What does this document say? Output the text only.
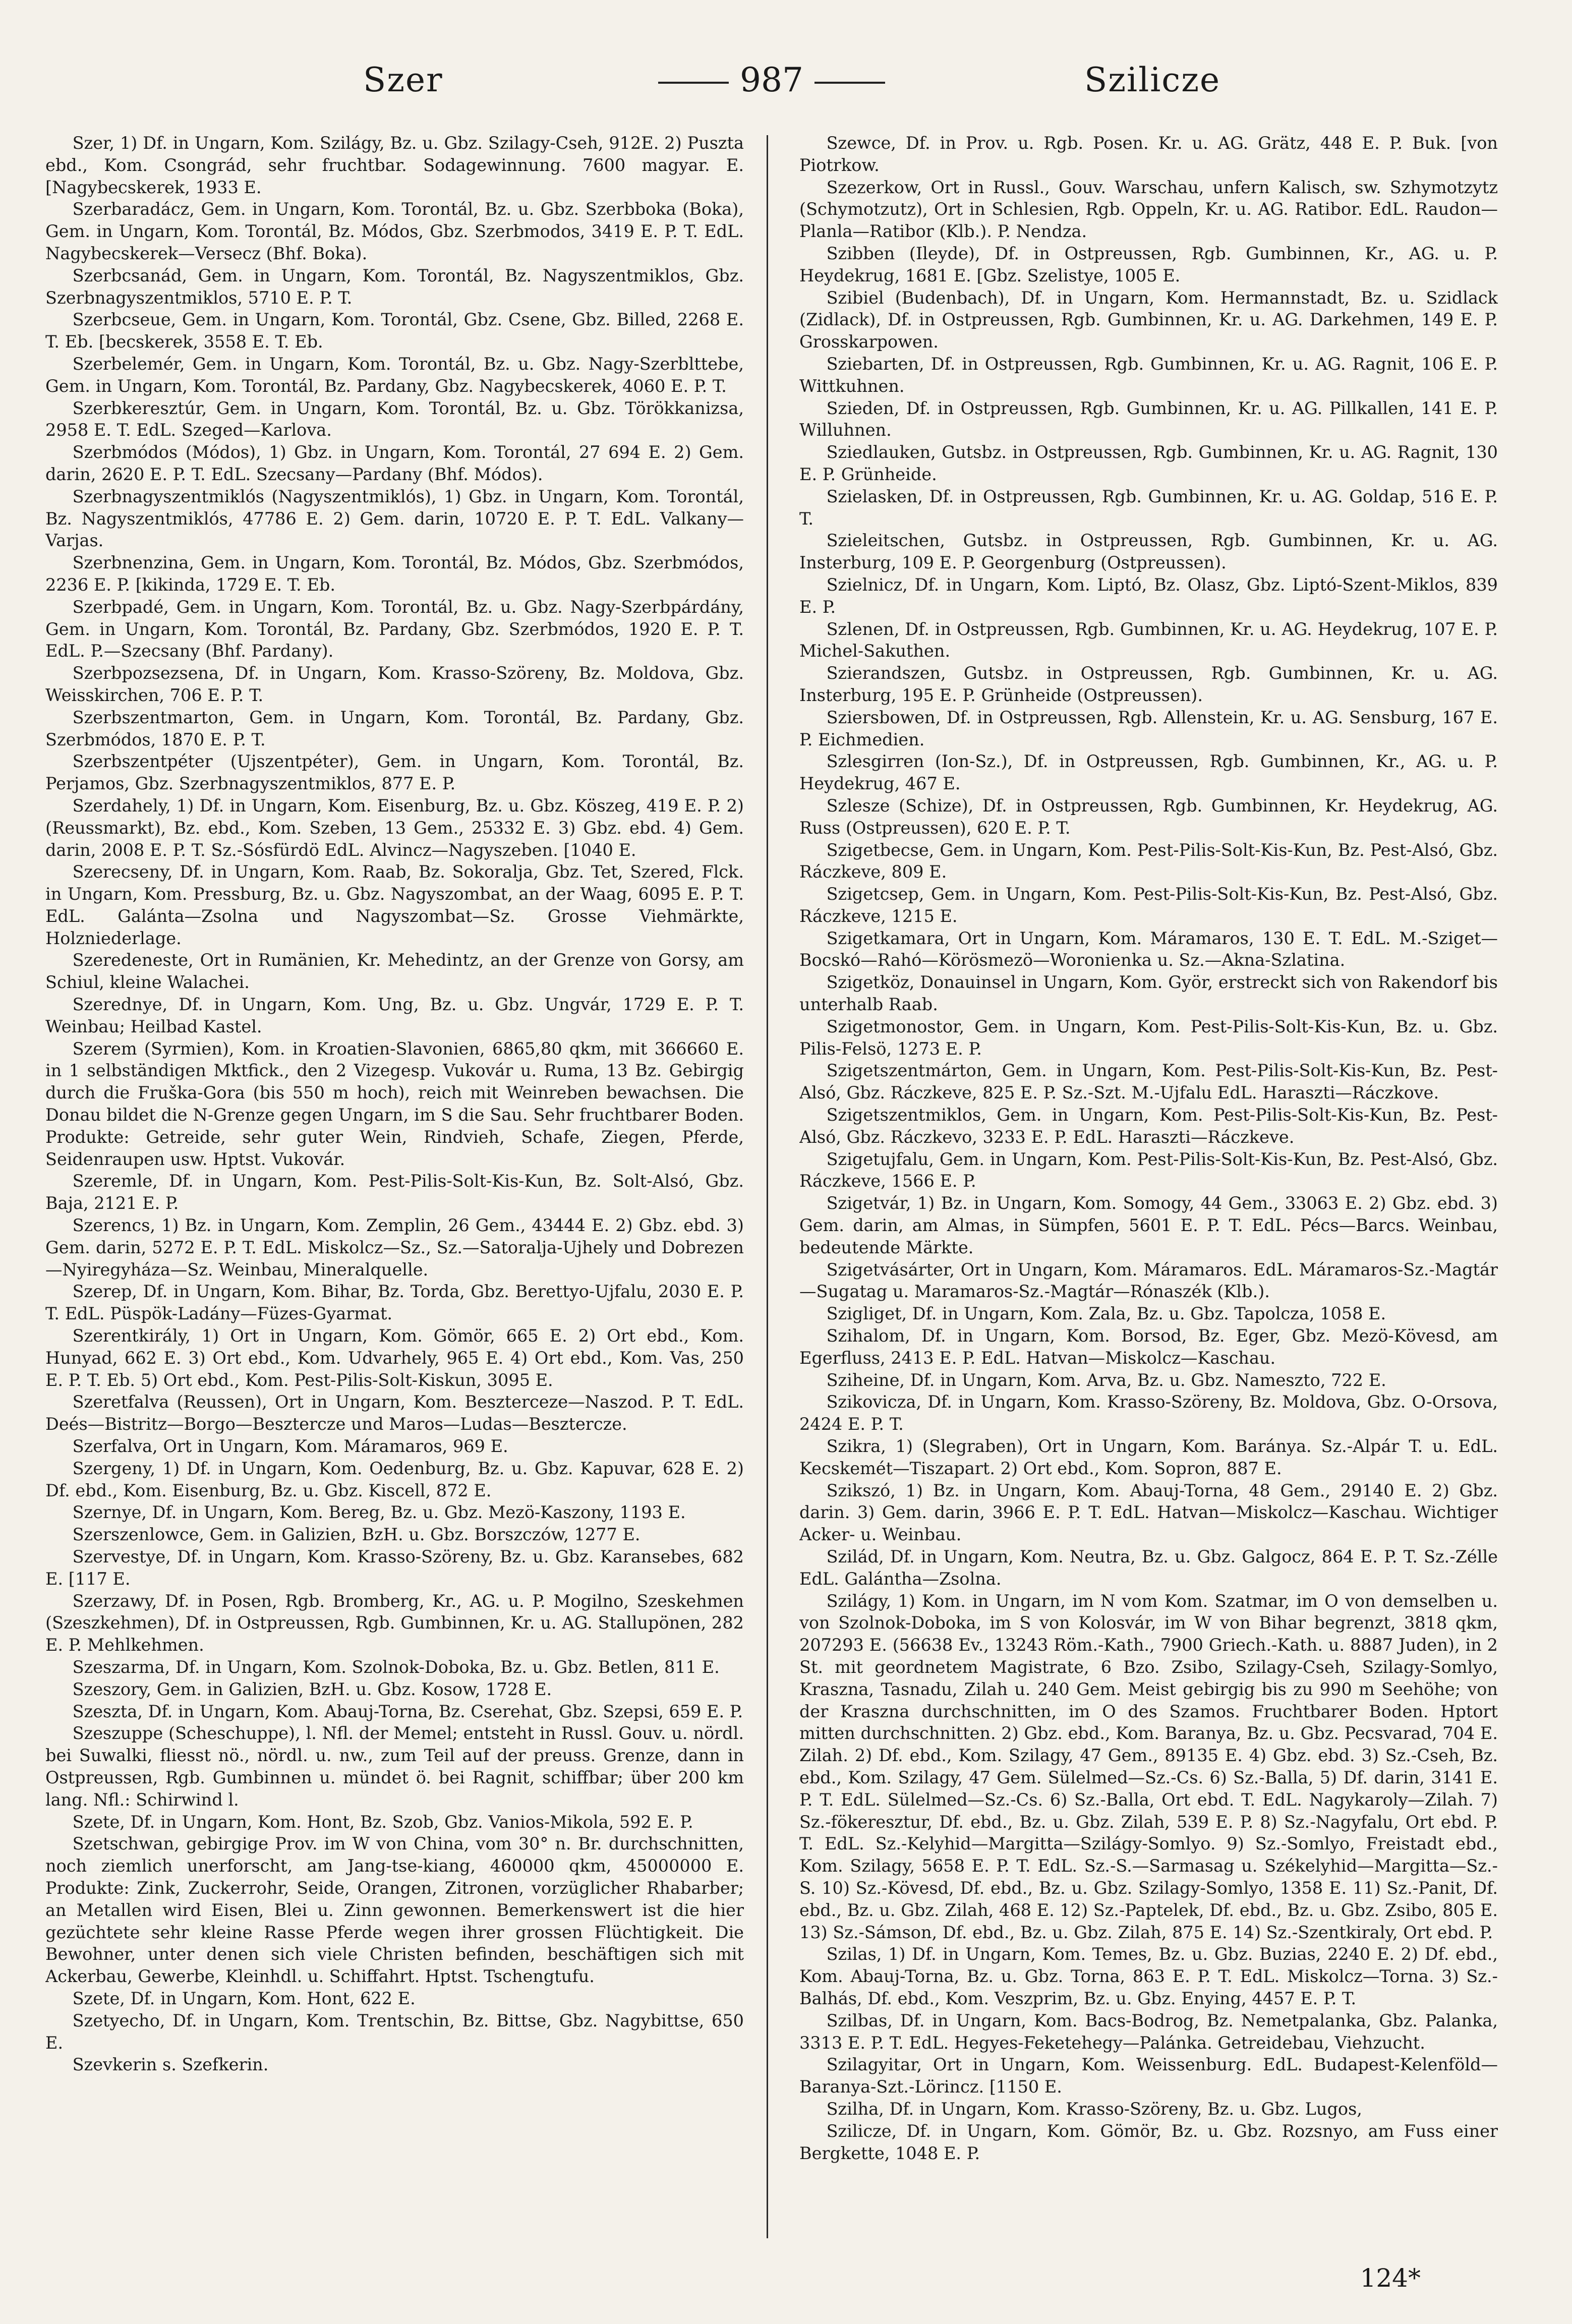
Szer	987	Szilicze

Szer, 1) Df. in Ungarn, Kom. Szilágy, Bz. u. Gbz. Szilagy-Cseh, 912E. 2) Puszta ebd., Kom. Csongrád, sehr fruchtbar. Sodagewinnung. 7600 magyar. E. [Nagybecskerek, 1933 E.

Szerbaradácz, Gem. in Ungarn, Kom. Torontál, Bz. u. Gbz. Szerbboka (Boka), Gem. in Ungarn, Kom. Torontál, Bz. Módos, Gbz. Szerbmodos, 3419 E. P. T. EdL. Nagybecskerek—Versecz (Bhf. Boka).

Szerbcsanád, Gem. in Ungarn, Kom. Torontál, Bz. Nagyszentmiklos, Gbz. Szerbnagyszentmiklos, 5710 E. P. T.

Szerbcseue, Gem. in Ungarn, Kom. Torontál, Gbz. Csene, Gbz. Billed, 2268 E. T. Eb. [becskerek, 3558 E. T. Eb.

Szerbelemér, Gem. in Ungarn, Kom. Torontál, Bz. u. Gbz. Nagy-Szerblttebe, Gem. in Ungarn, Kom. Torontál, Bz. Pardany, Gbz. Nagybecskerek, 4060 E. P. T.

Szerbkeresztúr, Gem. in Ungarn, Kom. Torontál, Bz. u. Gbz. Törökkanizsa, 2958 E. T. EdL. Szeged—Karlova.

Szerbmódos (Módos), 1) Gbz. in Ungarn, Kom. Torontál, 27 694 E. 2) Gem. darin, 2620 E. P. T. EdL. Szecsany—Pardany (Bhf. Módos).

Szerbnagyszentmiklós (Nagyszentmiklós), 1) Gbz. in Ungarn, Kom. Torontál, Bz. Nagyszentmiklós, 47786 E. 2) Gem. darin, 10720 E. P. T. EdL. Valkany—Varjas.

Szerbnenzina, Gem. in Ungarn, Kom. Torontál, Bz. Módos, Gbz. Szerbmódos, 2236 E. P. [kikinda, 1729 E. T. Eb.

Szerbpadé, Gem. in Ungarn, Kom. Torontál, Bz. u. Gbz. Nagy-Szerbpárdány, Gem. in Ungarn, Kom. Torontál, Bz. Pardany, Gbz. Szerbmódos, 1920 E. P. T. EdL. P.—Szecsany (Bhf. Pardany).

Szerbpozsezsena, Df. in Ungarn, Kom. Krasso-Szöreny, Bz. Moldova, Gbz. Weisskirchen, 706 E. P. T.

Szerbszentmarton, Gem. in Ungarn, Kom. Torontál, Bz. Pardany, Gbz. Szerbmódos, 1870 E. P. T.

Szerbszentpéter (Ujszentpéter), Gem. in Ungarn, Kom. Torontál, Bz. Perjamos, Gbz. Szerbnagyszentmiklos, 877 E. P.

Szerdahely, 1) Df. in Ungarn, Kom. Eisenburg, Bz. u. Gbz. Köszeg, 419 E. P. 2) (Reussmarkt), Bz. ebd., Kom. Szeben, 13 Gem., 25332 E. 3) Gbz. ebd. 4) Gem. darin, 2008 E. P. T. Sz.-Sósfürdö EdL. Alvincz—Nagyszeben. [1040 E.

Szerecseny, Df. in Ungarn, Kom. Raab, Bz. Sokoralja, Gbz. Tet, Szered, Flck. in Ungarn, Kom. Pressburg, Bz. u. Gbz. Nagyszombat, an der Waag, 6095 E. P. T. EdL. Galánta—Zsolna und Nagyszombat—Sz. Grosse Viehmärkte, Holzniederlage.

Szeredeneste, Ort in Rumänien, Kr. Mehedintz, an der Grenze von Gorsy, am Schiul, kleine Walachei.

Szerednye, Df. in Ungarn, Kom. Ung, Bz. u. Gbz. Ungvár, 1729 E. P. T. Weinbau; Heilbad Kastel.

Szerem (Syrmien), Kom. in Kroatien-Slavonien, 6865,80 qkm, mit 366660 E. in 1 selbständigen Mktfick., den 2 Vizegesp. Vukovár u. Ruma, 13 Bz. Gebirgig durch die Fruška-Gora (bis 550 m hoch), reich mit Weinreben bewachsen. Die Donau bildet die N-Grenze gegen Ungarn, im S die Sau. Sehr fruchtbarer Boden. Produkte: Getreide, sehr guter Wein, Rindvieh, Schafe, Ziegen, Pferde, Seidenraupen usw. Hptst. Vukovár.

Szeremle, Df. in Ungarn, Kom. Pest-Pilis-Solt-Kis-Kun, Bz. Solt-Alsó, Gbz. Baja, 2121 E. P.

Szerencs, 1) Bz. in Ungarn, Kom. Zemplin, 26 Gem., 43444 E. 2) Gbz. ebd. 3) Gem. darin, 5272 E. P. T. EdL. Miskolcz—Sz., Sz.—Satoralja-Ujhely und Dobrezen—Nyiregyháza—Sz. Weinbau, Mineralquelle.

Szerep, Df. in Ungarn, Kom. Bihar, Bz. Torda, Gbz. Berettyo-Ujfalu, 2030 E. P. T. EdL. Püspök-Ladány—Füzes-Gyarmat.

Szerentkirály, 1) Ort in Ungarn, Kom. Gömör, 665 E. 2) Ort ebd., Kom. Hunyad, 662 E. 3) Ort ebd., Kom. Udvarhely, 965 E. 4) Ort ebd., Kom. Vas, 250 E. P. T. Eb. 5) Ort ebd., Kom. Pest-Pilis-Solt-Kiskun, 3095 E.

Szeretfalva (Reussen), Ort in Ungarn, Kom. Beszterceze—Naszod. P. T. EdL. Deés—Bistritz—Borgo—Besztercze und Maros—Ludas—Besztercze.

Szerfalva, Ort in Ungarn, Kom. Máramaros, 969 E.

Szergeny, 1) Df. in Ungarn, Kom. Oedenburg, Bz. u. Gbz. Kapuvar, 628 E. 2) Df. ebd., Kom. Eisenburg, Bz. u. Gbz. Kiscell, 872 E.

Szernye, Df. in Ungarn, Kom. Bereg, Bz. u. Gbz. Mezö-Kaszony, 1193 E.

Szerszenlowce, Gem. in Galizien, BzH. u. Gbz. Borszczów, 1277 E.

Szervestye, Df. in Ungarn, Kom. Krasso-Szöreny, Bz. u. Gbz. Karansebes, 682 E. [117 E.

Szerzawy, Df. in Posen, Rgb. Bromberg, Kr., AG. u. P. Mogilno, Szeskehmen (Szeszkehmen), Df. in Ostpreussen, Rgb. Gumbinnen, Kr. u. AG. Stallupönen, 282 E. P. Mehlkehmen.

Szeszarma, Df. in Ungarn, Kom. Szolnok-Doboka, Bz. u. Gbz. Betlen, 811 E.

Szeszory, Gem. in Galizien, BzH. u. Gbz. Kosow, 1728 E.

Szeszta, Df. in Ungarn, Kom. Abauj-Torna, Bz. Cserehat, Gbz. Szepsi, 659 E. P.

Szeszuppe (Scheschuppe), l. Nfl. der Memel; entsteht in Russl. Gouv. u. nördl. bei Suwalki, fliesst nö., nördl. u. nw., zum Teil auf der preuss. Grenze, dann in Ostpreussen, Rgb. Gumbinnen u. mündet ö. bei Ragnit, schiffbar; über 200 km lang. Nfl.: Schirwind l.

Szete, Df. in Ungarn, Kom. Hont, Bz. Szob, Gbz. Vanios-Mikola, 592 E. P.

Szetschwan, gebirgige Prov. im W von China, vom 30° n. Br. durchschnitten, noch ziemlich unerforscht, am Jang-tse-kiang, 460000 qkm, 45000000 E. Produkte: Zink, Zuckerrohr, Seide, Orangen, Zitronen, vorzüglicher Rhabarber; an Metallen wird Eisen, Blei u. Zinn gewonnen. Bemerkenswert ist die hier gezüchtete sehr kleine Rasse Pferde wegen ihrer grossen Flüchtigkeit. Die Bewohner, unter denen sich viele Christen befinden, beschäftigen sich mit Ackerbau, Gewerbe, Kleinhdl. u. Schiffahrt. Hptst. Tschengtufu.

Szete, Df. in Ungarn, Kom. Hont, 622 E.

Szetyecho, Df. in Ungarn, Kom. Trentschin, Bz. Bittse, Gbz. Nagybittse, 650 E.

Szevkerin s. Szefkerin.

Szewce, Df. in Prov. u. Rgb. Posen. Kr. u. AG. Grätz, 448 E. P. Buk. [von Piotrkow.

Szezerkow, Ort in Russl., Gouv. Warschau, unfern Kalisch, sw. Szhymotzytz (Schymotzutz), Ort in Schlesien, Rgb. Oppeln, Kr. u. AG. Ratibor. EdL. Raudon—Planla—Ratibor (Klb.). P. Nendza.

Szibben (Ileyde), Df. in Ostpreussen, Rgb. Gumbinnen, Kr., AG. u. P. Heydekrug, 1681 E. [Gbz. Szelistye, 1005 E.

Szibiel (Budenbach), Df. in Ungarn, Kom. Hermannstadt, Bz. u. Szidlack (Zidlack), Df. in Ostpreussen, Rgb. Gumbinnen, Kr. u. AG. Darkehmen, 149 E. P. Grosskarpowen.

Sziebarten, Df. in Ostpreussen, Rgb. Gumbinnen, Kr. u. AG. Ragnit, 106 E. P. Wittkuhnen.

Szieden, Df. in Ostpreussen, Rgb. Gumbinnen, Kr. u. AG. Pillkallen, 141 E. P. Willuhnen.

Sziedlauken, Gutsbz. in Ostpreussen, Rgb. Gumbinnen, Kr. u. AG. Ragnit, 130 E. P. Grünheide.

Szielasken, Df. in Ostpreussen, Rgb. Gumbinnen, Kr. u. AG. Goldap, 516 E. P. T.

Szieleitschen, Gutsbz. in Ostpreussen, Rgb. Gumbinnen, Kr. u. AG. Insterburg, 109 E. P. Georgenburg (Ostpreussen).

Szielnicz, Df. in Ungarn, Kom. Liptó, Bz. Olasz, Gbz. Liptó-Szent-Miklos, 839 E. P.

Szlenen, Df. in Ostpreussen, Rgb. Gumbinnen, Kr. u. AG. Heydekrug, 107 E. P. Michel-Sakuthen.

Szierandszen, Gutsbz. in Ostpreussen, Rgb. Gumbinnen, Kr. u. AG. Insterburg, 195 E. P. Grünheide (Ostpreussen).

Sziersbowen, Df. in Ostpreussen, Rgb. Allenstein, Kr. u. AG. Sensburg, 167 E. P. Eichmedien.

Szlesgirren (Ion-Sz.), Df. in Ostpreussen, Rgb. Gumbinnen, Kr., AG. u. P. Heydekrug, 467 E.

Szlesze (Schize), Df. in Ostpreussen, Rgb. Gumbinnen, Kr. Heydekrug, AG. Russ (Ostpreussen), 620 E. P. T.

Szigetbecse, Gem. in Ungarn, Kom. Pest-Pilis-Solt-Kis-Kun, Bz. Pest-Alsó, Gbz. Ráczkeve, 809 E.

Szigetcsep, Gem. in Ungarn, Kom. Pest-Pilis-Solt-Kis-Kun, Bz. Pest-Alsó, Gbz. Ráczkeve, 1215 E.

Szigetkamara, Ort in Ungarn, Kom. Máramaros, 130 E. T. EdL. M.-Sziget—Bocskó—Rahó—Körösmezö—Woronienka u. Sz.—Akna-Szlatina.

Szigetköz, Donauinsel in Ungarn, Kom. Györ, erstreckt sich von Rakendorf bis unterhalb Raab.

Szigetmonostor, Gem. in Ungarn, Kom. Pest-Pilis-Solt-Kis-Kun, Bz. u. Gbz. Pilis-Felsö, 1273 E. P.

Szigetszentmárton, Gem. in Ungarn, Kom. Pest-Pilis-Solt-Kis-Kun, Bz. Pest-Alsó, Gbz. Ráczkeve, 825 E. P. Sz.-Szt. M.-Ujfalu EdL. Haraszti—Ráczkove.

Szigetszentmiklos, Gem. in Ungarn, Kom. Pest-Pilis-Solt-Kis-Kun, Bz. Pest-Alsó, Gbz. Ráczkevo, 3233 E. P. EdL. Haraszti—Ráczkeve.

Szigetujfalu, Gem. in Ungarn, Kom. Pest-Pilis-Solt-Kis-Kun, Bz. Pest-Alsó, Gbz. Ráczkeve, 1566 E. P.

Szigetvár, 1) Bz. in Ungarn, Kom. Somogy, 44 Gem., 33063 E. 2) Gbz. ebd. 3) Gem. darin, am Almas, in Sümpfen, 5601 E. P. T. EdL. Pécs—Barcs. Weinbau, bedeutende Märkte.

Szigetvásárter, Ort in Ungarn, Kom. Máramaros. EdL. Máramaros-Sz.-Magtár—Sugatag u. Maramaros-Sz.-Magtár—Rónaszék (Klb.).

Szigliget, Df. in Ungarn, Kom. Zala, Bz. u. Gbz. Tapolcza, 1058 E.

Szihalom, Df. in Ungarn, Kom. Borsod, Bz. Eger, Gbz. Mezö-Kövesd, am Egerfluss, 2413 E. P. EdL. Hatvan—Miskolcz—Kaschau.

Sziheine, Df. in Ungarn, Kom. Arva, Bz. u. Gbz. Nameszto, 722 E.

Szikovicza, Df. in Ungarn, Kom. Krasso-Szöreny, Bz. Moldova, Gbz. O-Orsova, 2424 E. P. T.

Szikra, 1) (Slegraben), Ort in Ungarn, Kom. Baránya. Sz.-Alpár T. u. EdL. Kecskemét—Tiszapart. 2) Ort ebd., Kom. Sopron, 887 E.

Szikszó, 1) Bz. in Ungarn, Kom. Abauj-Torna, 48 Gem., 29140 E. 2) Gbz. darin. 3) Gem. darin, 3966 E. P. T. EdL. Hatvan—Miskolcz—Kaschau. Wichtiger Acker- u. Weinbau.

Szilád, Df. in Ungarn, Kom. Neutra, Bz. u. Gbz. Galgocz, 864 E. P. T. Sz.-Zélle EdL. Galántha—Zsolna.

Szilágy, 1) Kom. in Ungarn, im N vom Kom. Szatmar, im O von demselben u. von Szolnok-Doboka, im S von Kolosvár, im W von Bihar begrenzt, 3818 qkm, 207293 E. (56638 Ev., 13243 Röm.-Kath., 7900 Griech.-Kath. u. 8887 Juden), in 2 St. mit geordnetem Magistrate, 6 Bzo. Zsibo, Szilagy-Cseh, Szilagy-Somlyo, Kraszna, Tasnadu, Zilah u. 240 Gem. Meist gebirgig bis zu 990 m Seehöhe; von der Kraszna durchschnitten, im O des Szamos. Fruchtbarer Boden. Hptort mitten durchschnitten. 2) Gbz. ebd., Kom. Baranya, Bz. u. Gbz. Pecsvarad, 704 E. Zilah. 2) Df. ebd., Kom. Szilagy, 47 Gem., 89135 E. 4) Gbz. ebd. 3) Sz.-Cseh, Bz. ebd., Kom. Szilagy, 47 Gem. Sülelmed—Sz.-Cs. 6) Sz.-Balla, 5) Df. darin, 3141 E. P. T. EdL. Sülelmed—Sz.-Cs. 6) Sz.-Balla, Ort ebd. T. EdL. Nagykaroly—Zilah. 7) Sz.-fökeresztur, Df. ebd., Bz. u. Gbz. Zilah, 539 E. P. 8) Sz.-Nagyfalu, Ort ebd. P. T. EdL. Sz.-Kelyhid—Margitta—Szilágy-Somlyo. 9) Sz.-Somlyo, Freistadt ebd., Kom. Szilagy, 5658 E. P. T. EdL. Sz.-S.—Sarmasag u. Székelyhid—Margitta—Sz.-S. 10) Sz.-Kövesd, Df. ebd., Bz. u. Gbz. Szilagy-Somlyo, 1358 E. 11) Sz.-Panit, Df. ebd., Bz. u. Gbz. Zilah, 468 E. 12) Sz.-Paptelek, Df. ebd., Bz. u. Gbz. Zsibo, 805 E. 13) Sz.-Sámson, Df. ebd., Bz. u. Gbz. Zilah, 875 E. 14) Sz.-Szentkiraly, Ort ebd. P.

Szilas, 1) Df. in Ungarn, Kom. Temes, Bz. u. Gbz. Buzias, 2240 E. 2) Df. ebd., Kom. Abauj-Torna, Bz. u. Gbz. Torna, 863 E. P. T. EdL. Miskolcz—Torna. 3) Sz.-Balhás, Df. ebd., Kom. Veszprim, Bz. u. Gbz. Enying, 4457 E. P. T.

Szilbas, Df. in Ungarn, Kom. Bacs-Bodrog, Bz. Nemetpalanka, Gbz. Palanka, 3313 E. P. T. EdL. Hegyes-Feketehegy—Palánka. Getreidebau, Viehzucht.

Szilagyitar, Ort in Ungarn, Kom. Weissenburg. EdL. Budapest-Kelenföld—Baranya-Szt.-Lörincz. [1150 E.

Szilha, Df. in Ungarn, Kom. Krasso-Szöreny, Bz. u. Gbz. Lugos,

Szilicze, Df. in Ungarn, Kom. Gömör, Bz. u. Gbz. Rozsnyo, am Fuss einer Bergkette, 1048 E. P.

124*
